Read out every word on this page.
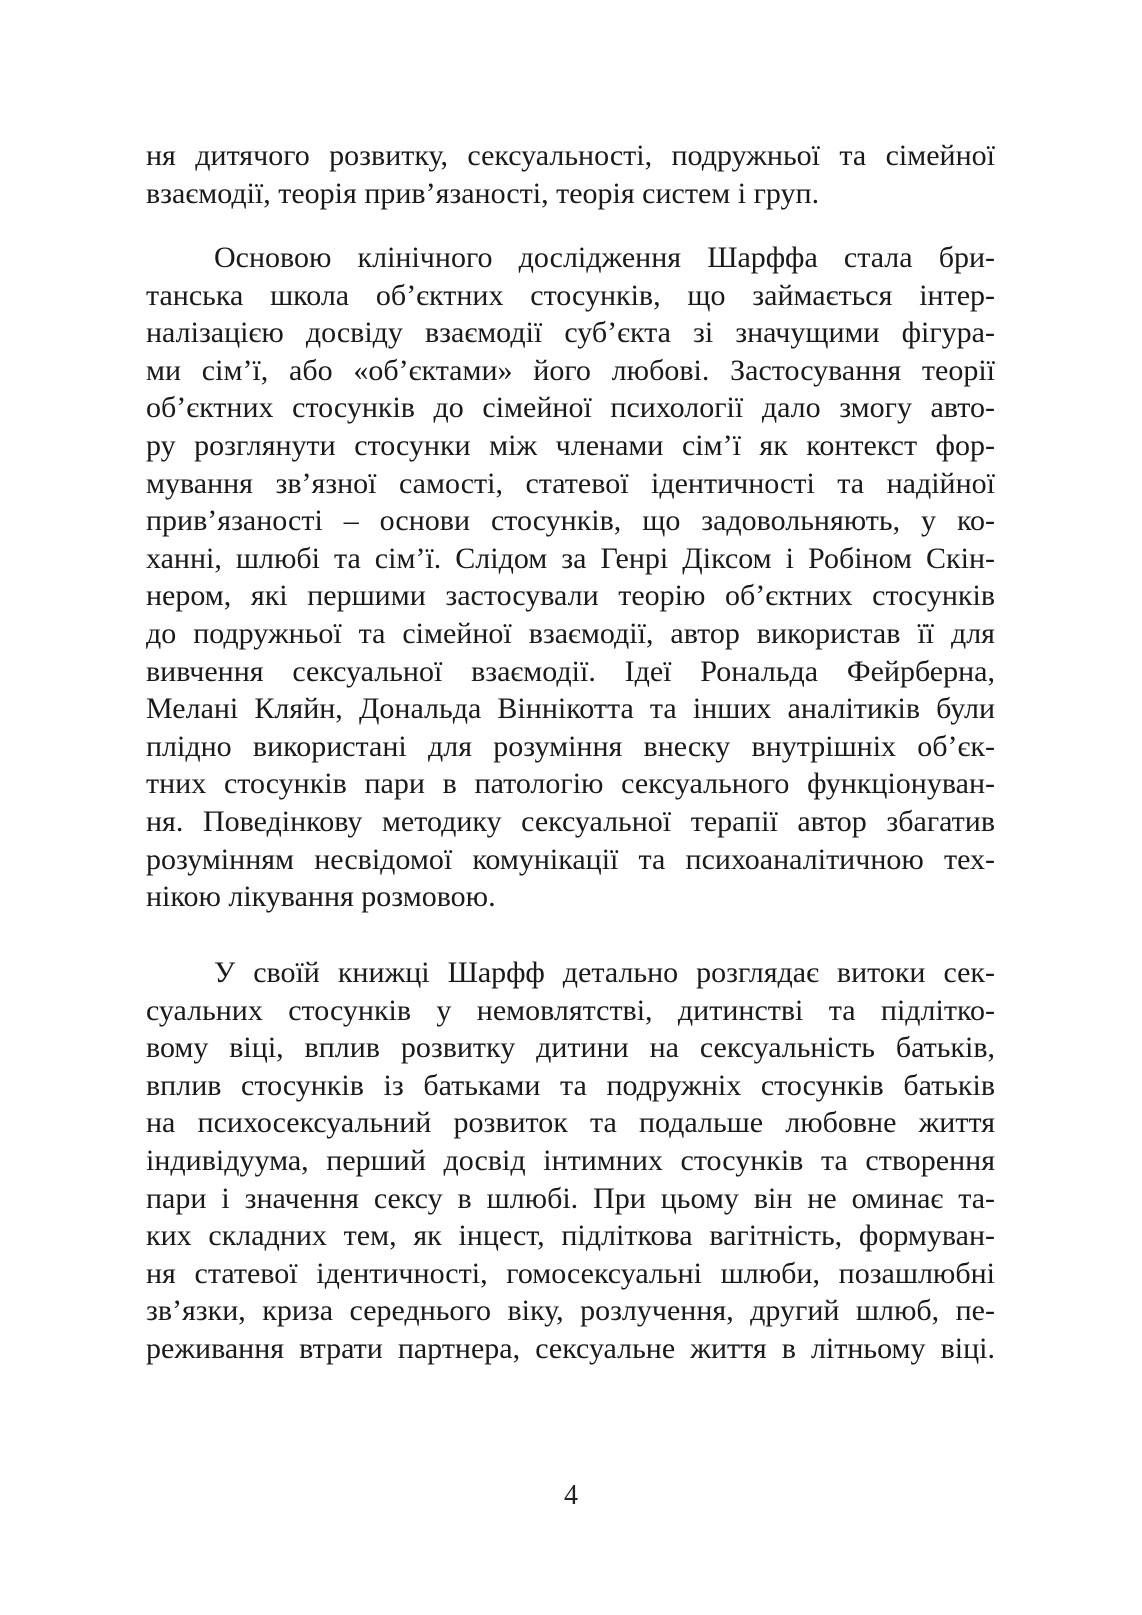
ня дитячого розвитку, сексуальності, подружньої та сімейної
взаємодії, теорія прив’язаності, теорія систем і груп.
Основою клінічного дослідження Шарффа стала бри-
танська школа об’єктних стосунків, що займається інтер-
налізацією досвіду взаємодії суб’єкта зі значущими фігура-
ми сім’ї, або «об’єктами» його любові. Застосування теорії
об’єктних стосунків до сімейної психології дало змогу авто-
ру розглянути стосунки між членами сім’ї як контекст фор-
мування зв’язної самості, статевої ідентичності та надійної
прив’язаності – основи стосунків, що задовольняють, у ко-
ханні, шлюбі та сім’ї. Слідом за Генрі Діксом і Робіном Скін-
нером, які першими застосували теорію об’єктних стосунків
до подружньої та сімейної взаємодії, автор використав її для
вивчення сексуальної взаємодії. Ідеї Рональда Фейрберна,
Мелані Кляйн, Дональда Віннікотта та інших аналітиків були
плідно використані для розуміння внеску внутрішніх об’єк-
тних стосунків пари в патологію сексуального функціонуван-
ня. Поведінкову методику сексуальної терапії автор збагатив
розумінням несвідомої комунікації та психоаналітичною тех-
нікою лікування розмовою.
У своїй книжці Шарфф детально розглядає витоки сек-
суальних стосунків у немовлятстві, дитинстві та підлітко-
вому віці, вплив розвитку дитини на сексуальність батьків,
вплив стосунків із батьками та подружніх стосунків батьків
на психосексуальний розвиток та подальше любовне життя
індивідуума, перший досвід інтимних стосунків та створення
пари і значення сексу в шлюбі. При цьому він не оминає та-
ких складних тем, як інцест, підліткова вагітність, формуван-
ня статевої ідентичності, гомосексуальні шлюби, позашлюбні
зв’язки, криза середнього віку, розлучення, другий шлюб, пе-
реживання втрати партнера, сексуальне життя в літньому віці.
4
